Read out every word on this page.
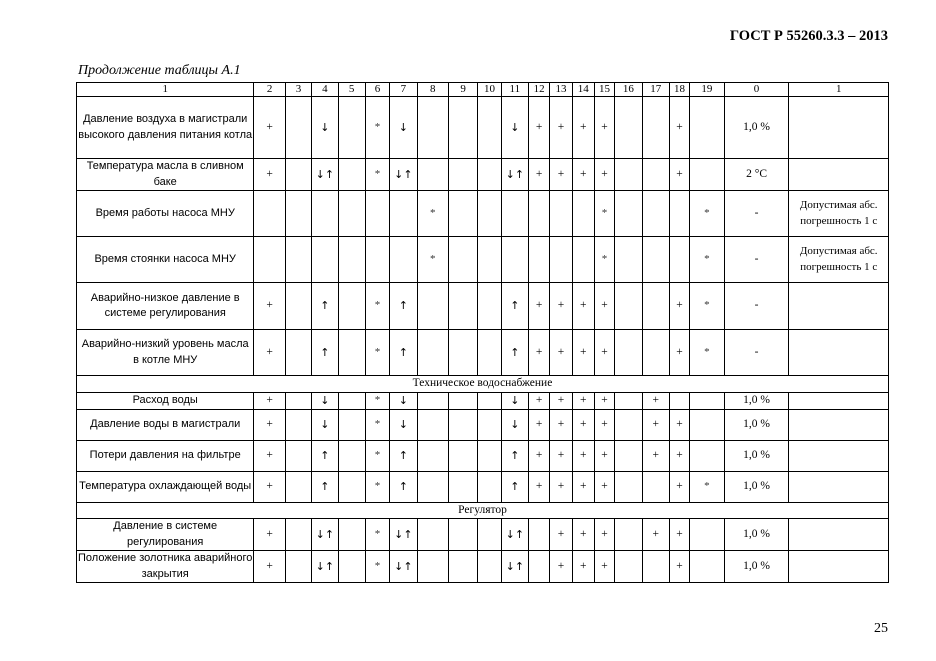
ГОСТ Р 55260.3.3 – 2013
Продолжение таблицы А.1
1	2	3	4	5	6	7	8	9	10	11	12	13	14	15	16	17	18	19	0	1
Давление воздуха в магистрали высокого давления питания котла	+		↓		*	↓				↓	+	+	+	+			+		1,0 %	
Температура масла в сливном баке	+		↓↑		*	↓↑				↓↑	+	+	+	+			+		2 °С	
Время работы насоса МНУ							*							*				*	-	Допустимая абс. погрешность 1 с
Время стоянки насоса МНУ							*							*				*	-	Допустимая абс. погрешность 1 с
Аварийно-низкое давление в системе регулирования	+		↑		*	↑				↑	+	+	+	+			+	*	-	
Аварийно-низкий уровень масла в котле МНУ	+		↑		*	↑				↑	+	+	+	+			+	*	-	
Техническое водоснабжение																				
Расход воды	+		↓		*	↓				↓	+	+	+	+		+			1,0 %	
Давление воды в магистрали	+		↓		*	↓				↓	+	+	+	+		+	+		1,0 %	
Потери давления на фильтре	+		↑		*	↑				↑	+	+	+	+		+	+		1,0 %	
Температура охлаждающей воды	+		↑		*	↑				↑	+	+	+	+			+	*	1,0 %	
Регулятор																				
Давление в системе регулирования	+		↓↑		*	↓↑				↓↑		+	+	+		+	+		1,0 %	
Положение золотника аварийного закрытия	+		↓↑		*	↓↑				↓↑		+	+	+			+		1,0 %	
25
